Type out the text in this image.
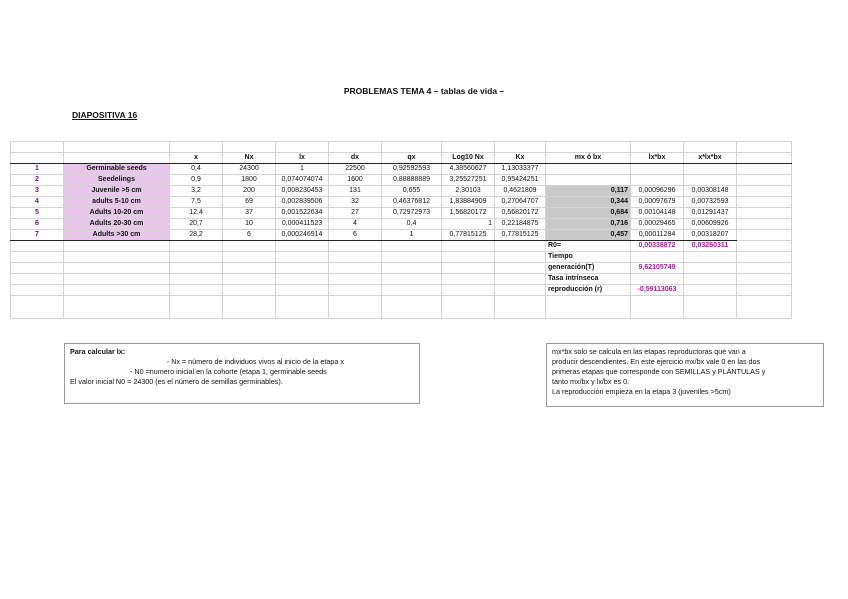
PROBLEMAS TEMA 4 – tablas de vida –
DIAPOSITIVA 16

		x	Nx	lx	dx	qx	Log10 Nx	Kx	mx ó bx	lx*bx	x*lx*bx	
1	Germinable seeds	0,4	24300	1	22500	0,92592593	4,38560627	1,13033377				
2	Seedelings	0,9	1800	0,074074074	1600	0,88888889	3,25527251	0,95424251				
3	Juvenile >5 cm	3,2	200	0,008230453	131	0,655	2,30103	0,4621809	0,117	0,00096296	0,00308148	
4	adults 5-10 cm	7,5	69	0,002839506	32	0,46376812	1,83884909	0,27064707	0,344	0,00097679	0,00732593	
5	Adults 10-20 cm	12,4	37	0,001522634	27	0,72972973	1,56820172	0,56820172	0,684	0,00104148	0,01291437	
6	Adults 20-30 cm	20,7	10	0,000411523	4	0,4	1	0,22184875	0,716	0,00029465	0,00609926	
7	Adults >30 cm	28,2	6	0,000246914	6	1	0,77815125	0,77815125	0,457	0,00011284	0,00318207	
									R0=	0,00338872	0,03260311	
									Tiempo			
									generación(T)	9,62105749		
									Tasa intrínseca			
									reproducción (r)	-0,59113063		

Para calcular lx:
- Nx = número de individuos vivos al inicio de la etapa x
- N0 =numero inicial en la cohorte (etapa 1, germinable seeds
El valor inicial N0 = 24300 (es el número de semillas germinables).
mx*bx solo se calcula en las etapas reproductoras que van a
producir descendientes. En este ejercicio mx/bx vale 0 en las dos
primeras etapas que corresponde con SEMILLAS y PLÁNTULAS y
tanto mx/bx y lx/bx es 0.
La reproducción empieza en la etapa 3 (juveniles >5cm)
